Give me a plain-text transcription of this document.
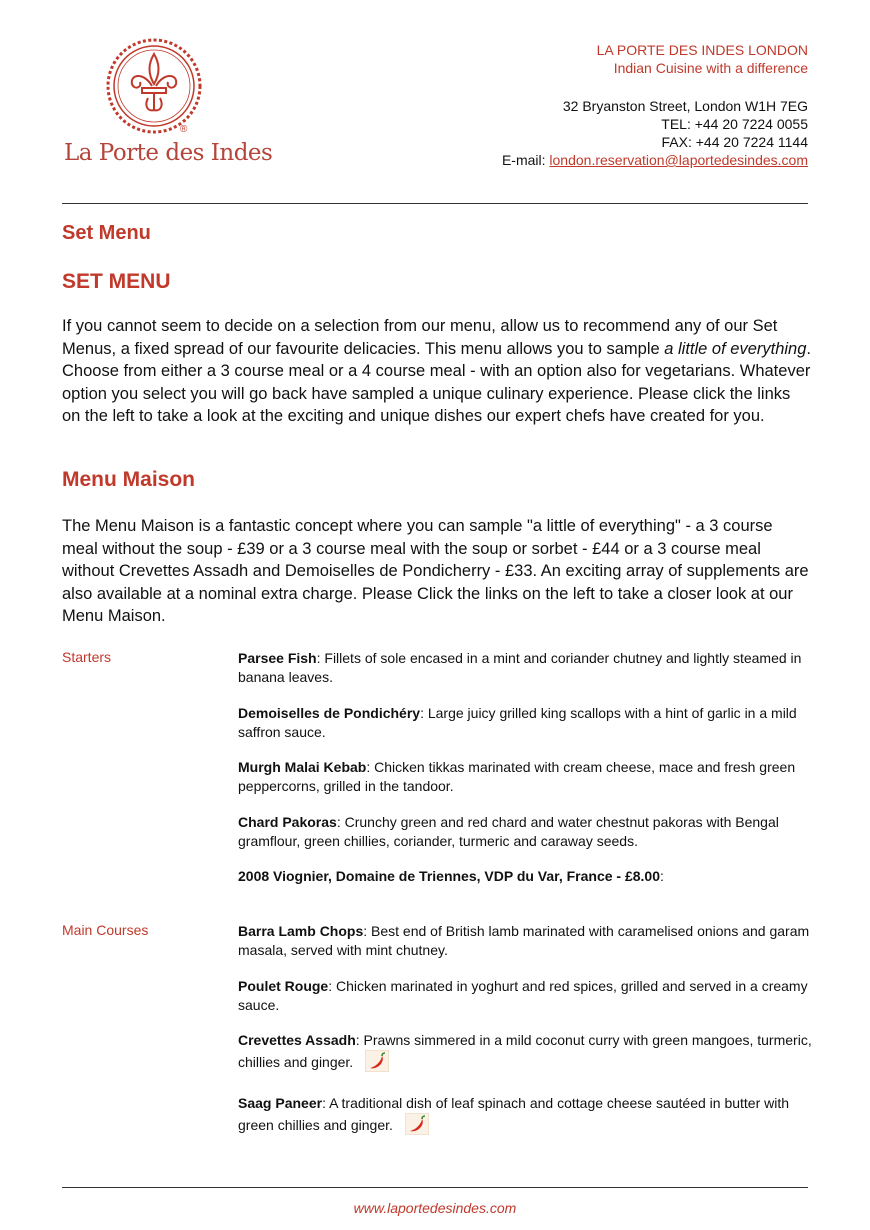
®
La Porte des Indes
LA PORTE DES INDES LONDON
Indian Cuisine with a difference
32 Bryanston Street, London W1H 7EG
TEL: +44 20 7224 0055
FAX: +44 20 7224 1144
E-mail: london.reservation@laportedesindes.com
Set Menu
SET MENU
If you cannot seem to decide on a selection from our menu, allow us to recommend any of our Set Menus, a fixed spread of our favourite delicacies. This menu allows you to sample a little of everything. Choose from either a 3 course meal or a 4 course meal - with an option also for vegetarians. Whatever option you select you will go back have sampled a unique culinary experience. Please click the links on the left to take a look at the exciting and unique dishes our expert chefs have created for you.
Menu Maison
The Menu Maison is a fantastic concept where you can sample "a little of everything" - a 3 course meal without the soup - £39 or a 3 course meal with the soup or sorbet - £44 or a 3 course meal without Crevettes Assadh and Demoiselles de Pondicherry - £33. An exciting array of supplements are also available at a nominal extra charge. Please Click the links on the left to take a closer look at our Menu Maison.
Starters	Parsee Fish: Fillets of sole encased in a mint and coriander chutney and lightly steamed in banana leaves.
Demoiselles de Pondichéry: Large juicy grilled king scallops with a hint of garlic in a mild saffron sauce.
Murgh Malai Kebab: Chicken tikkas marinated with cream cheese, mace and fresh green peppercorns, grilled in the tandoor.
Chard Pakoras: Crunchy green and red chard and water chestnut pakoras with Bengal gramflour, green chillies, coriander, turmeric and caraway seeds.
2008 Viognier, Domaine de Triennes, VDP du Var, France - £8.00:
Main Courses	Barra Lamb Chops: Best end of British lamb marinated with caramelised onions and garam masala, served with mint chutney.
Poulet Rouge: Chicken marinated in yoghurt and red spices, grilled and served in a creamy sauce.
Crevettes Assadh: Prawns simmered in a mild coconut curry with green mangoes, turmeric, chillies and ginger.
Saag Paneer: A traditional dish of leaf spinach and cottage cheese sautéed in butter with green chillies and ginger.
www.laportedesindes.com
